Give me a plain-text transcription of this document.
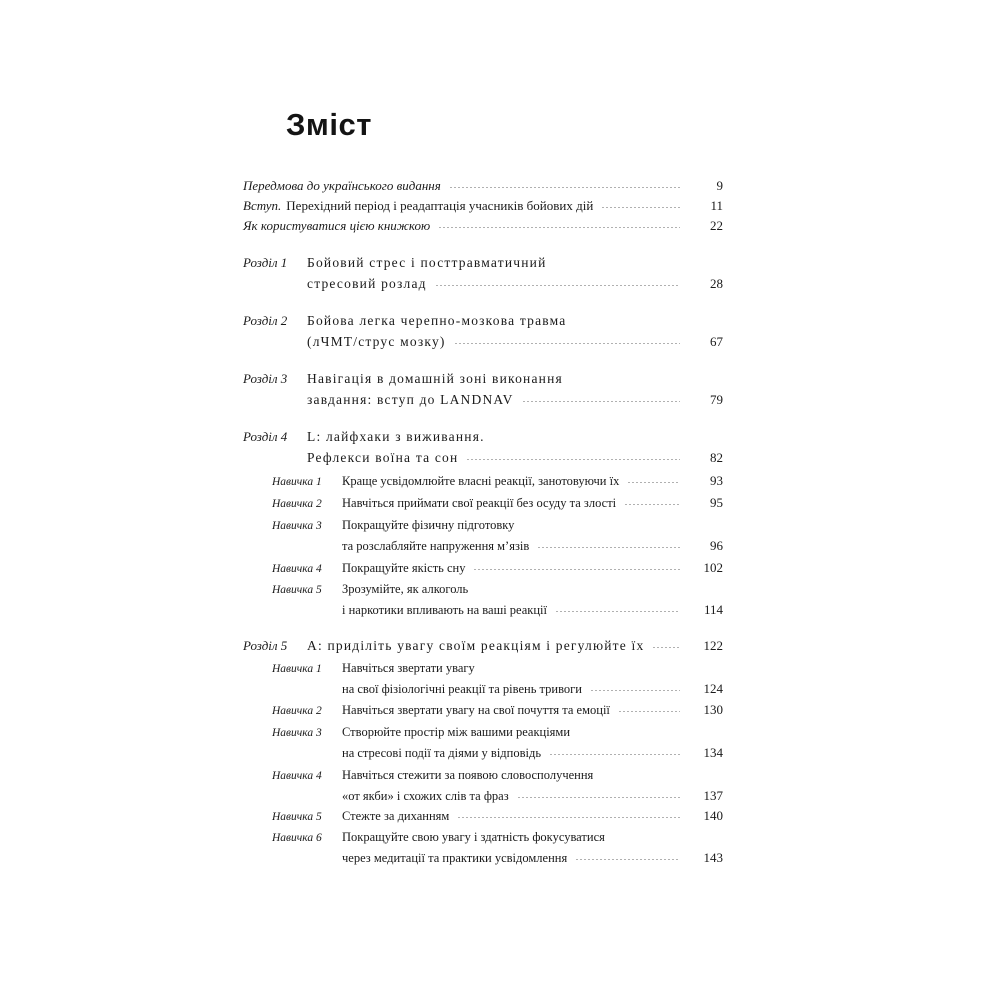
Зміст
Передмова до українського видання	9
Вступ. Перехідний період і реадаптація учасників бойових дій	11
Як користуватися цією книжкою	22
Розділ 1	Бойовий стрес і посттравматичний
стресовий розлад	28
Розділ 2	Бойова легка черепно-мозкова травма
(лЧМТ/струс мозку)	67
Розділ 3	Навігація в домашній зоні виконання
завдання: вступ до LANDNAV	79
Розділ 4	L: лайфхаки з виживання.
Рефлекси воїна та сон	82
Навичка 1	Краще усвідомлюйте власні реакції, занотовуючи їх	93
Навичка 2	Навчіться приймати свої реакції без осуду та злості	95
Навичка 3	Покращуйте фізичну підготовку
та розслабляйте напруження м’язів	96
Навичка 4	Покращуйте якість сну	102
Навичка 5	Зрозумійте, як алкоголь
і наркотики впливають на ваші реакції	114
Розділ 5	A: приділіть увагу своїм реакціям і регулюйте їх	122
Навичка 1	Навчіться звертати увагу
на свої фізіологічні реакції та рівень тривоги	124
Навичка 2	Навчіться звертати увагу на свої почуття та емоції	130
Навичка 3	Створюйте простір між вашими реакціями
на стресові події та діями у відповідь	134
Навичка 4	Навчіться стежити за появою словосполучення
«от якби» і схожих слів та фраз	137
Навичка 5	Стежте за диханням	140
Навичка 6	Покращуйте свою увагу і здатність фокусуватися
через медитації та практики усвідомлення	143
